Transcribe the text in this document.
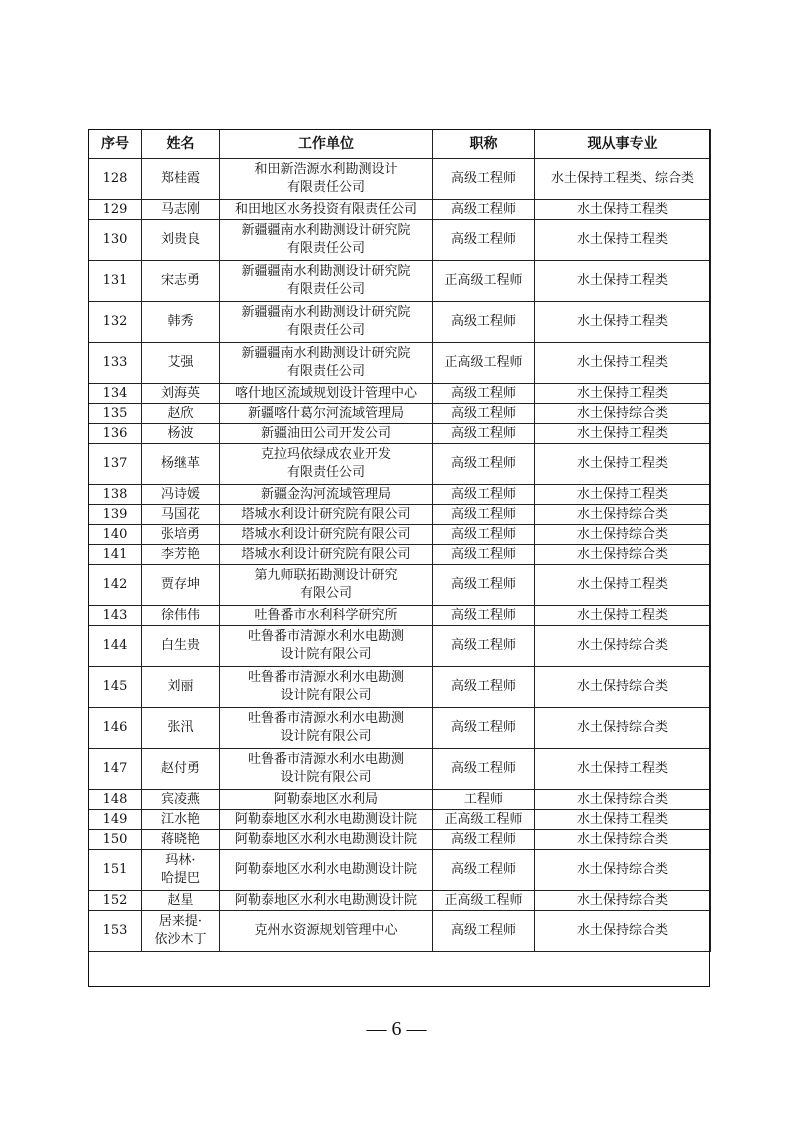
序号	姓名	工作单位	职称	现从事专业

128	郑桂霞	和田新浩源水利勘测设计
有限责任公司	高级工程师	水土保持工程类、综合类

129	马志刚	和田地区水务投资有限责任公司	高级工程师	水土保持工程类

130	刘贵良	新疆疆南水利勘测设计研究院
有限责任公司	高级工程师	水土保持工程类

131	宋志勇	新疆疆南水利勘测设计研究院
有限责任公司	正高级工程师	水土保持工程类

132	韩秀	新疆疆南水利勘测设计研究院
有限责任公司	高级工程师	水土保持工程类

133	艾强	新疆疆南水利勘测设计研究院
有限责任公司	正高级工程师	水土保持工程类

134	刘海英	喀什地区流域规划设计管理中心	高级工程师	水土保持工程类

135	赵欣	新疆喀什葛尔河流域管理局	高级工程师	水土保持综合类

136	杨波	新疆油田公司开发公司	高级工程师	水土保持工程类

137	杨继革	克拉玛依绿成农业开发
有限责任公司	高级工程师	水土保持工程类

138	冯诗媛	新疆金沟河流域管理局	高级工程师	水土保持工程类

139	马国花	塔城水利设计研究院有限公司	高级工程师	水土保持综合类

140	张培勇	塔城水利设计研究院有限公司	高级工程师	水土保持综合类

141	李芳艳	塔城水利设计研究院有限公司	高级工程师	水土保持综合类

142	贾存坤	第九师联拓勘测设计研究
有限公司	高级工程师	水土保持工程类

143	徐伟伟	吐鲁番市水利科学研究所	高级工程师	水土保持工程类

144	白生贵	吐鲁番市清源水利水电勘测
设计院有限公司	高级工程师	水土保持综合类

145	刘丽	吐鲁番市清源水利水电勘测
设计院有限公司	高级工程师	水土保持综合类

146	张汛	吐鲁番市清源水利水电勘测
设计院有限公司	高级工程师	水土保持综合类

147	赵付勇	吐鲁番市清源水利水电勘测
设计院有限公司	高级工程师	水土保持工程类

148	宾凌燕	阿勒泰地区水利局	工程师	水土保持综合类

149	江水艳	阿勒泰地区水利水电勘测设计院	正高级工程师	水土保持工程类

150	蒋晓艳	阿勒泰地区水利水电勘测设计院	高级工程师	水土保持综合类

151	玛林·
哈提巴	阿勒泰地区水利水电勘测设计院	高级工程师	水土保持综合类

152	赵星	阿勒泰地区水利水电勘测设计院	正高级工程师	水土保持综合类

153	居来提·
依沙木丁	克州水资源规划管理中心	高级工程师	水土保持综合类
— 6 —
